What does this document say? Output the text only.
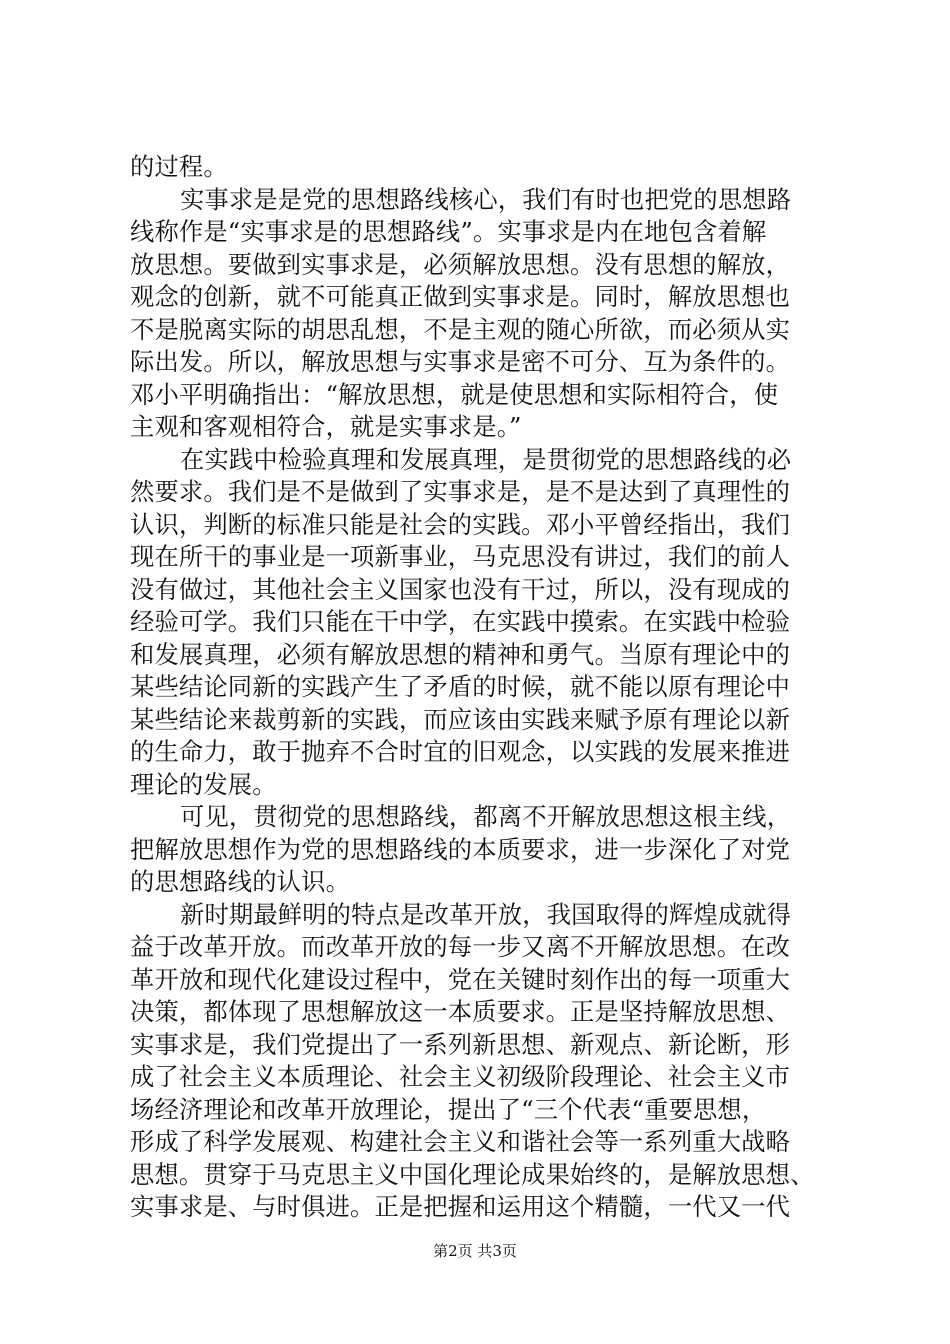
的过程。
实事求是是党的思想路线核心，我们有时也把党的思想路
线称作是“实事求是的思想路线”。实事求是内在地包含着解
放思想。要做到实事求是，必须解放思想。没有思想的解放，
观念的创新，就不可能真正做到实事求是。同时，解放思想也
不是脱离实际的胡思乱想，不是主观的随心所欲，而必须从实
际出发。所以，解放思想与实事求是密不可分、互为条件的。
邓小平明确指出：“解放思想，就是使思想和实际相符合，使
主观和客观相符合，就是实事求是。”
在实践中检验真理和发展真理，是贯彻党的思想路线的必
然要求。我们是不是做到了实事求是，是不是达到了真理性的
认识，判断的标准只能是社会的实践。邓小平曾经指出，我们
现在所干的事业是一项新事业，马克思没有讲过，我们的前人
没有做过，其他社会主义国家也没有干过，所以，没有现成的
经验可学。我们只能在干中学，在实践中摸索。在实践中检验
和发展真理，必须有解放思想的精神和勇气。当原有理论中的
某些结论同新的实践产生了矛盾的时候，就不能以原有理论中
某些结论来裁剪新的实践，而应该由实践来赋予原有理论以新
的生命力，敢于抛弃不合时宜的旧观念，以实践的发展来推进
理论的发展。
可见，贯彻党的思想路线，都离不开解放思想这根主线，
把解放思想作为党的思想路线的本质要求，进一步深化了对党
的思想路线的认识。
新时期最鲜明的特点是改革开放，我国取得的辉煌成就得
益于改革开放。而改革开放的每一步又离不开解放思想。在改
革开放和现代化建设过程中，党在关键时刻作出的每一项重大
决策，都体现了思想解放这一本质要求。正是坚持解放思想、
实事求是，我们党提出了一系列新思想、新观点、新论断，形
成了社会主义本质理论、社会主义初级阶段理论、社会主义市
场经济理论和改革开放理论，提出了“三个代表“重要思想，
形成了科学发展观、构建社会主义和谐社会等一系列重大战略
思想。贯穿于马克思主义中国化理论成果始终的，是解放思想、
实事求是、与时俱进。正是把握和运用这个精髓，一代又一代
第2页 共3页
